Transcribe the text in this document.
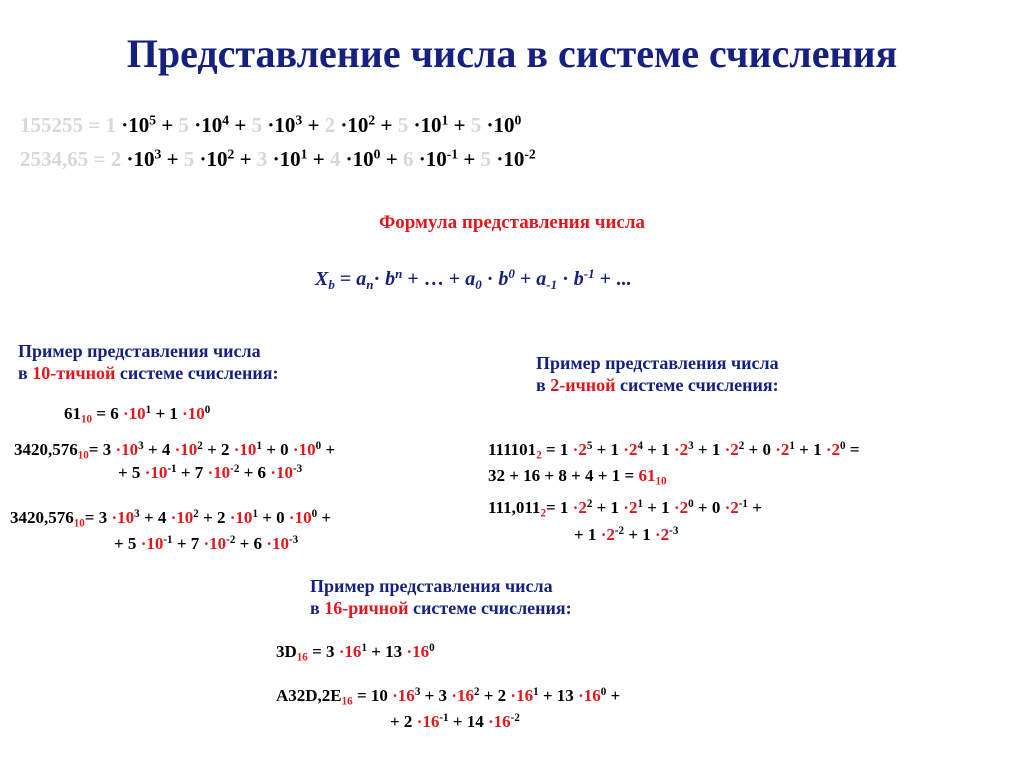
Представление числа в системе счисления
$155255 = 1 \cdot 10^5 + 5 \cdot 10^4 + 5 \cdot 10^3 + 2 \cdot 10^2 + 5 \cdot 10^1 + 5 \cdot 10^0$
$2534,65 = 2 \cdot 10^3 + 5 \cdot 10^2 + 3 \cdot 10^1 + 4 \cdot 10^0 + 6 \cdot 10^{-1} + 5 \cdot 10^{-2}$
Формула представления числа
$X_b = a_n\cdot b^n$ + … + $a_0 \cdot b^0 + a_{-1} \cdot b^{-1}$ + ...
Пример представления числа
в 10-тичной системе счисления:
$61_{10} = 6 \cdot 10^1 + 1 \cdot 10^0$
$3420,576_{10}= 3 \cdot 10^3 + 4 \cdot 10^2 + 2 \cdot 10^1 + 0 \cdot 10^0$ +
+ $5 \cdot 10^{-1} + 7 \cdot 10^{-2} + 6 \cdot 10^{-3}$
$3420,576_{10}= 3 \cdot 10^3 + 4 \cdot 10^2 + 2 \cdot 10^1 + 0 \cdot 10^0$ +
+ $5 \cdot 10^{-1} + 7 \cdot 10^{-2} + 6 \cdot 10^{-3}$
Пример представления числа
в 2-ичной системе счисления:
$111101_2 = 1 \cdot 2^5 + 1 \cdot 2^4 + 1 \cdot 2^3 + 1 \cdot 2^2 + 0 \cdot 2^1 + 1 \cdot 2^0$ =
$32 + 16 + 8 + 4 + 1 = 61_{10}$
$111,011_2= 1 \cdot 2^2 + 1 \cdot 2^1 + 1 \cdot 2^0 + 0 \cdot 2^{-1}$ +
+ $1 \cdot 2^{-2} + 1 \cdot 2^{-3}$
Пример представления числа
в 16-ричной системе счисления:
$3D_{16} = 3 \cdot 16^1 + 13 \cdot 16^0$
$A32D,2E_{16} = 10 \cdot 16^3 + 3 \cdot 16^2 + 2 \cdot 16^1 + 13 \cdot 16^0$ +
+ $2 \cdot 16^{-1} + 14 \cdot 16^{-2}$
